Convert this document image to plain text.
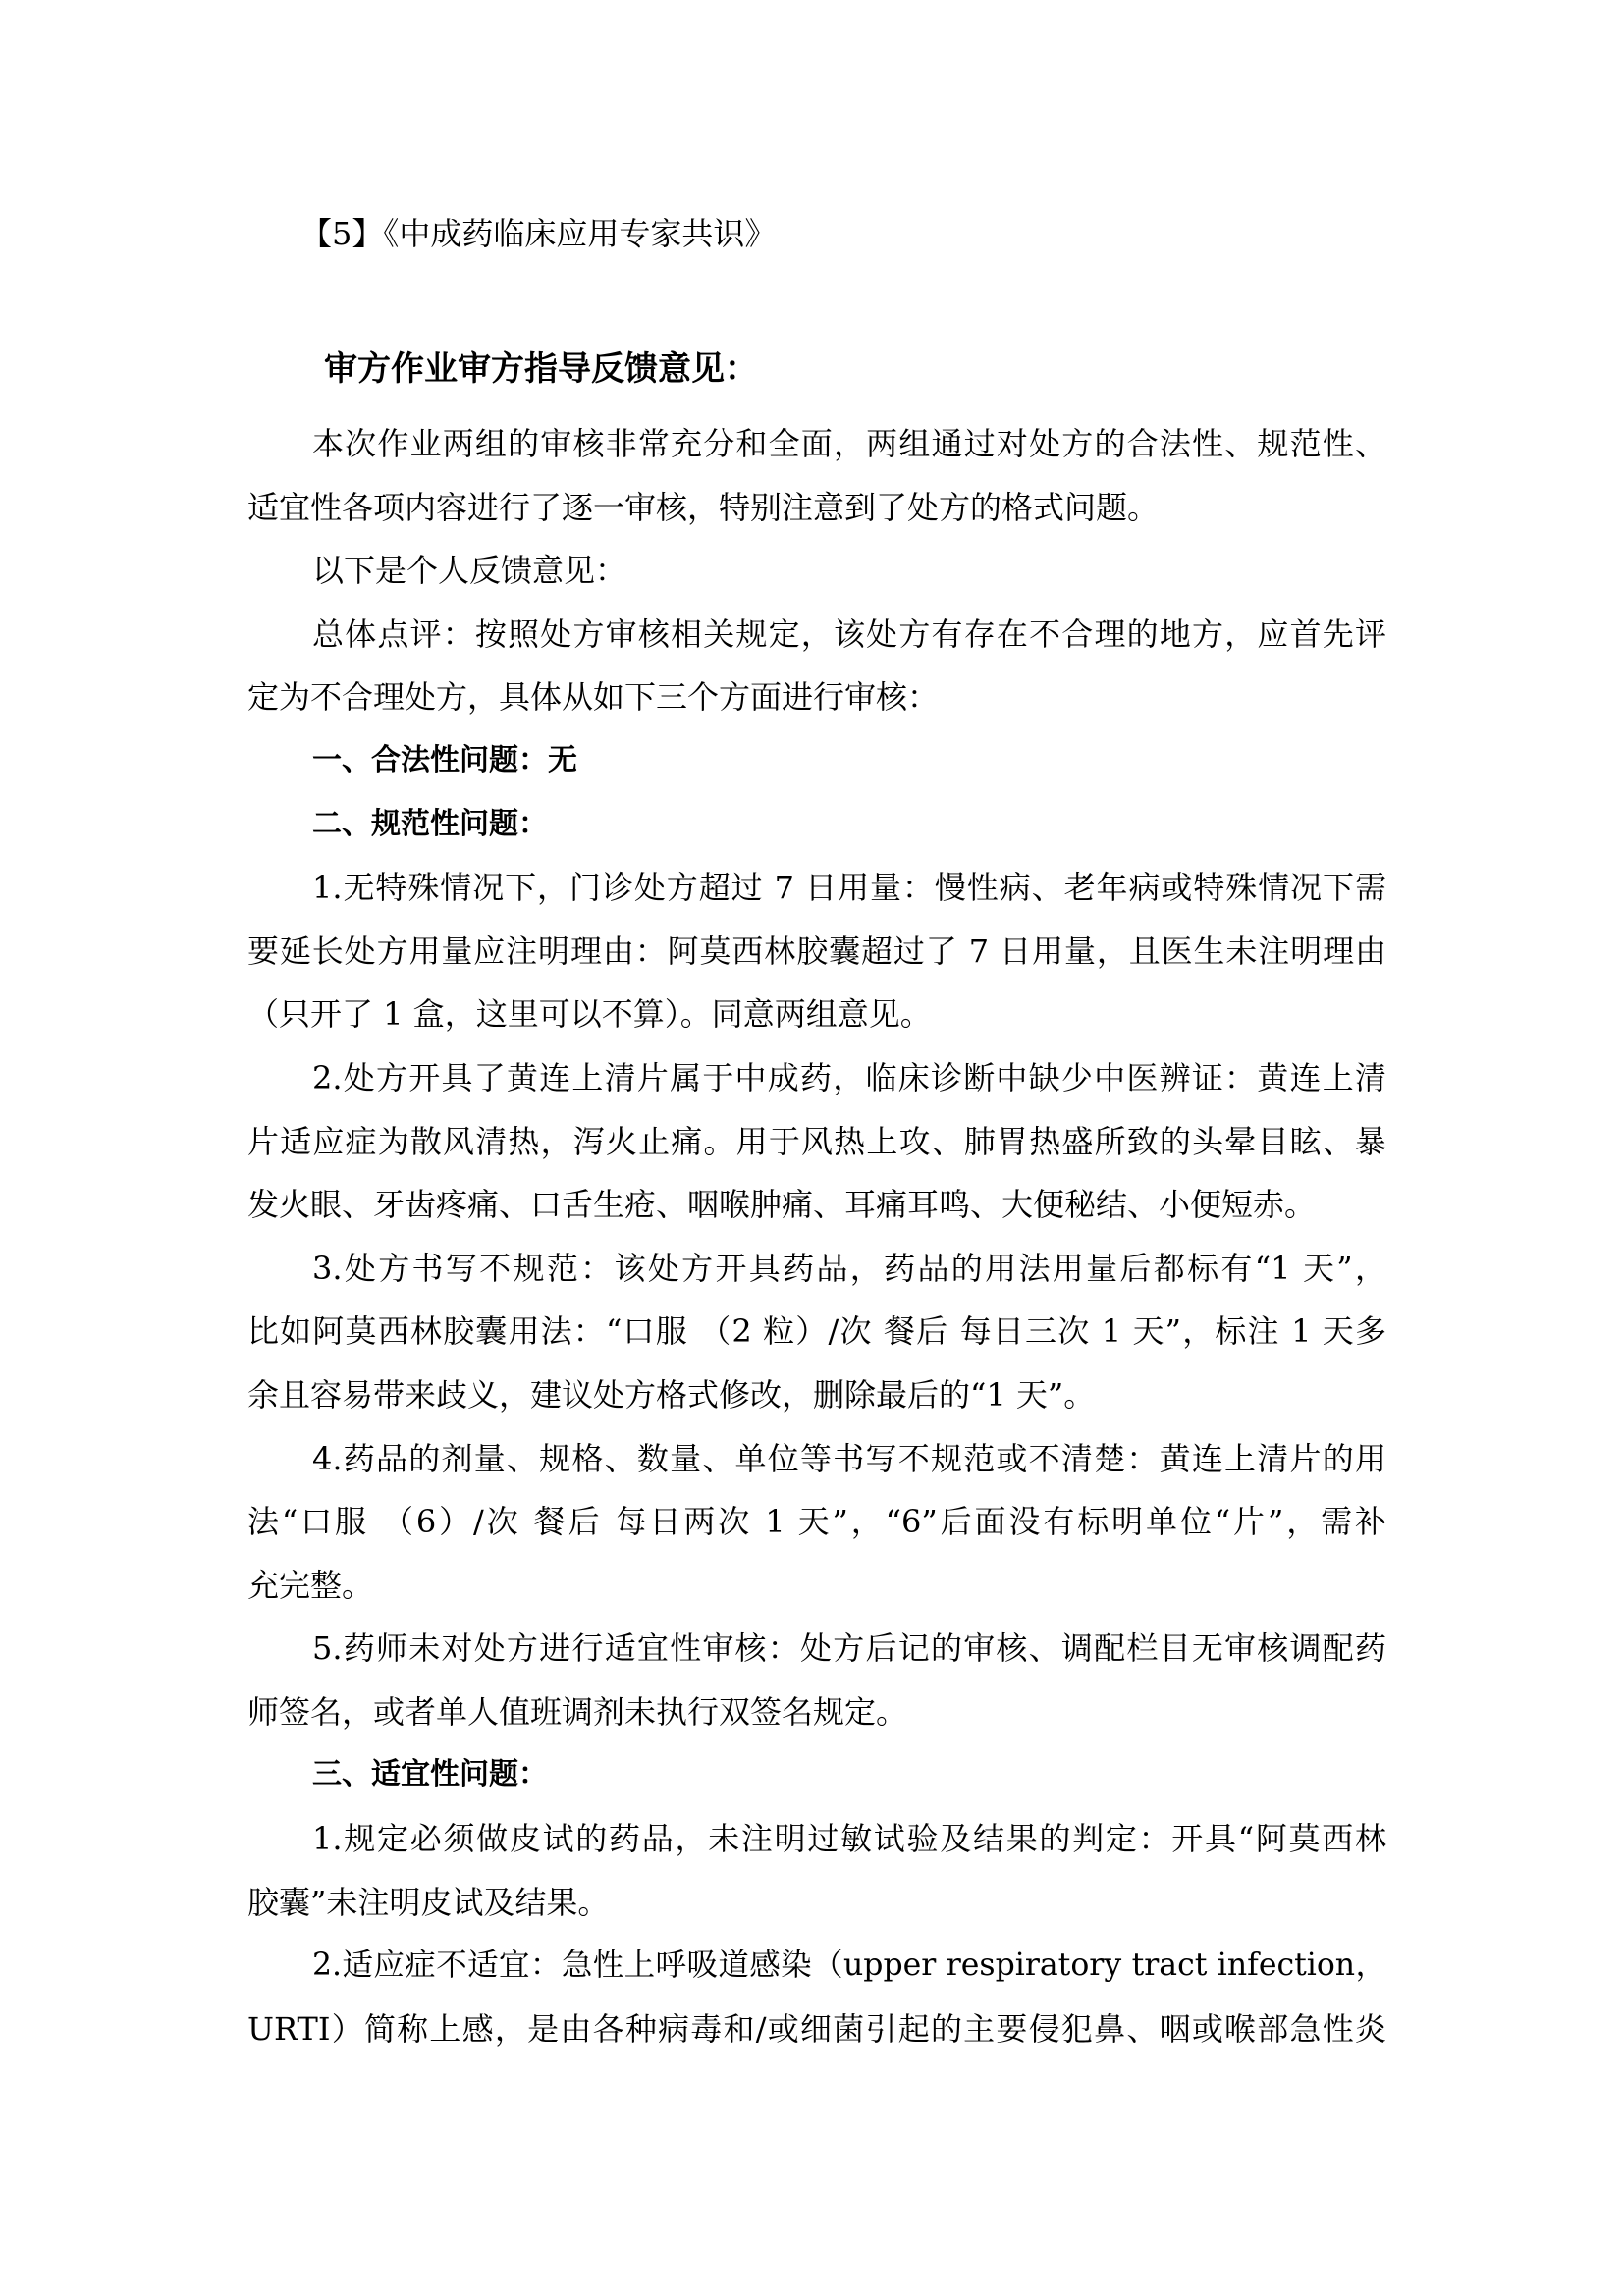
【5】《中成药临床应用专家共识》
审方作业审方指导反馈意见：
本次作业两组的审核非常充分和全面，两组通过对处方的合法性、规范性、
适宜性各项内容进行了逐一审核，特别注意到了处方的格式问题。
以下是个人反馈意见：
总体点评：按照处方审核相关规定，该处方有存在不合理的地方，应首先评
定为不合理处方，具体从如下三个方面进行审核：
一、合法性问题：无
二、规范性问题：
1.无特殊情况下，门诊处方超过 7 日用量：慢性病、老年病或特殊情况下需
要延长处方用量应注明理由：阿莫西林胶囊超过了 7 日用量，且医生未注明理由
（只开了 1 盒，这里可以不算）。同意两组意见。
2.处方开具了黄连上清片属于中成药，临床诊断中缺少中医辨证：黄连上清
片适应症为散风清热，泻火止痛。用于风热上攻、肺胃热盛所致的头晕目眩、暴
发火眼、牙齿疼痛、口舌生疮、咽喉肿痛、耳痛耳鸣、大便秘结、小便短赤。
3.处方书写不规范：该处方开具药品，药品的用法用量后都标有“1 天”，
比如阿莫西林胶囊用法：“口服 （2 粒）/次 餐后 每日三次 1 天”，标注 1 天多
余且容易带来歧义，建议处方格式修改，删除最后的“1 天”。
4.药品的剂量、规格、数量、单位等书写不规范或不清楚：黄连上清片的用
法“口服 （6）/次 餐后 每日两次 1 天”，“6”后面没有标明单位“片”，需补
充完整。
5.药师未对处方进行适宜性审核：处方后记的审核、调配栏目无审核调配药
师签名，或者单人值班调剂未执行双签名规定。
三、适宜性问题：
1.规定必须做皮试的药品，未注明过敏试验及结果的判定：开具“阿莫西林
胶囊”未注明皮试及结果。
2.适应症不适宜：急性上呼吸道感染（upper respiratory tract infection，
URTI）简称上感，是由各种病毒和/或细菌引起的主要侵犯鼻、咽或喉部急性炎
